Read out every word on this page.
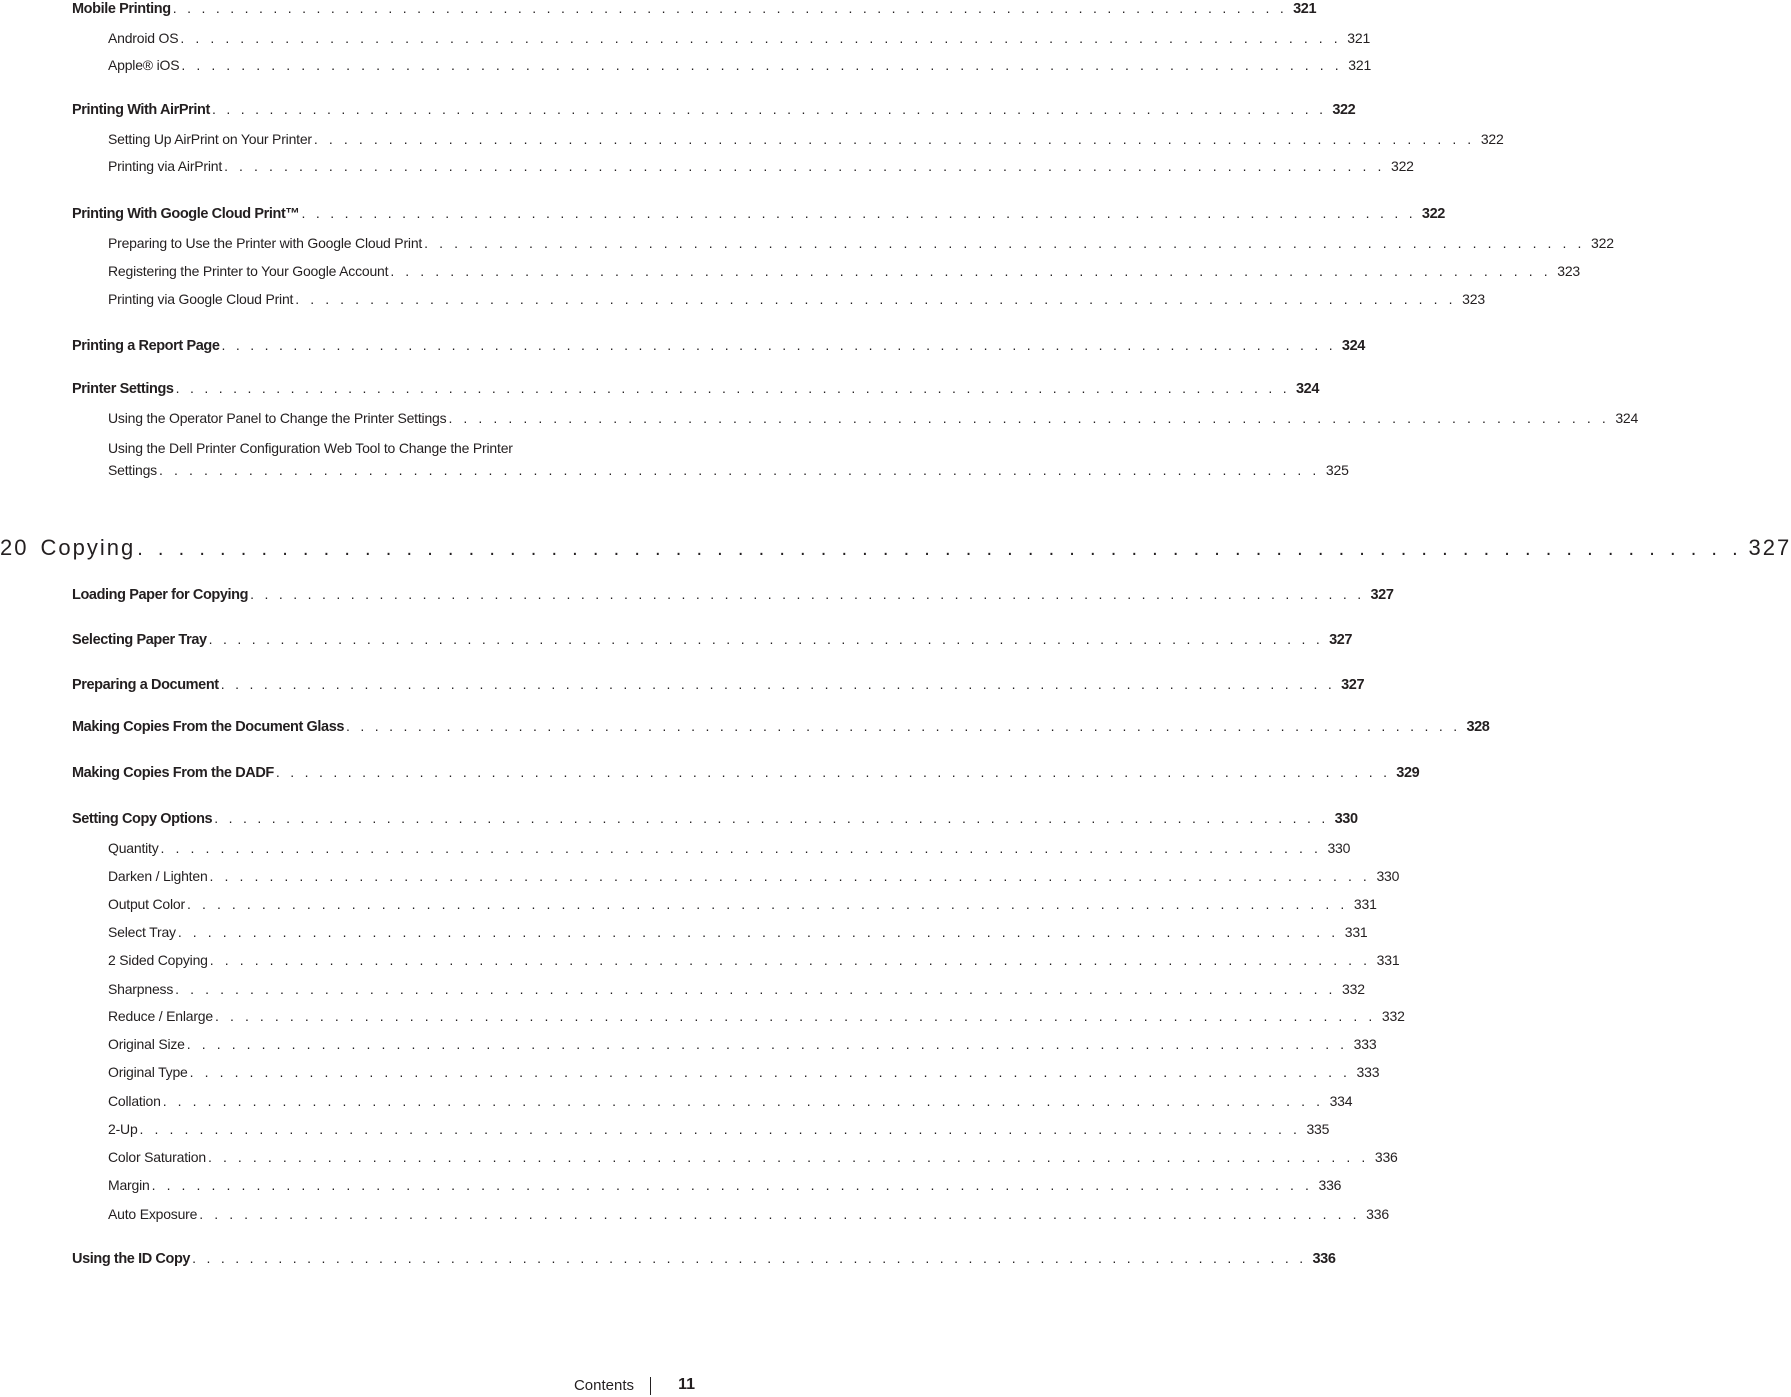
Mobile Printing . . . . . . . . . . . . . . . . . . . . . . . . . . . . . . . . . . . . . . . . . . . . . . . . . . . . . . . . . . . . . . . . . . . . . . . . . . . . . . 321
Android OS . . . . . . . . . . . . . . . . . . . . . . . . . . . . . . . . . . . . . . . . . . . . . . . . . . . . . . . . . . . . . . . . . . . . . . . . . . . . . . 321
Apple® iOS . . . . . . . . . . . . . . . . . . . . . . . . . . . . . . . . . . . . . . . . . . . . . . . . . . . . . . . . . . . . . . . . . . . . . . . . . . . . . . 321
Printing With AirPrint . . . . . . . . . . . . . . . . . . . . . . . . . . . . . . . . . . . . . . . . . . . . . . . . . . . . . . . . . . . . . . . . . . . . . . . . . . . . . . 322
Setting Up AirPrint on Your Printer . . . . . . . . . . . . . . . . . . . . . . . . . . . . . . . . . . . . . . . . . . . . . . . . . . . . . . . . . . . . . . . . . . . . . . . . . . . . . . 322
Printing via AirPrint . . . . . . . . . . . . . . . . . . . . . . . . . . . . . . . . . . . . . . . . . . . . . . . . . . . . . . . . . . . . . . . . . . . . . . . . . . . . . . 322
Printing With Google Cloud Print™ . . . . . . . . . . . . . . . . . . . . . . . . . . . . . . . . . . . . . . . . . . . . . . . . . . . . . . . . . . . . . . . . . . . . . . . . . . . . . . 322
Preparing to Use the Printer with Google Cloud Print . . . . . . . . . . . . . . . . . . . . . . . . . . . . . . . . . . . . . . . . . . . . . . . . . . . . . . . . . . . . . . . . . . . . . . . . . . . . . . 322
Registering the Printer to Your Google Account . . . . . . . . . . . . . . . . . . . . . . . . . . . . . . . . . . . . . . . . . . . . . . . . . . . . . . . . . . . . . . . . . . . . . . . . . . . . . . 323
Printing via Google Cloud Print . . . . . . . . . . . . . . . . . . . . . . . . . . . . . . . . . . . . . . . . . . . . . . . . . . . . . . . . . . . . . . . . . . . . . . . . . . . . . . 323
Printing a Report Page . . . . . . . . . . . . . . . . . . . . . . . . . . . . . . . . . . . . . . . . . . . . . . . . . . . . . . . . . . . . . . . . . . . . . . . . . . . . . . 324
Printer Settings . . . . . . . . . . . . . . . . . . . . . . . . . . . . . . . . . . . . . . . . . . . . . . . . . . . . . . . . . . . . . . . . . . . . . . . . . . . . . . 324
Using the Operator Panel to Change the Printer Settings . . . . . . . . . . . . . . . . . . . . . . . . . . . . . . . . . . . . . . . . . . . . . . . . . . . . . . . . . . . . . . . . . . . . . . . . . . . . . . 324
Using the Dell Printer Configuration Web Tool to Change the Printer
Settings . . . . . . . . . . . . . . . . . . . . . . . . . . . . . . . . . . . . . . . . . . . . . . . . . . . . . . . . . . . . . . . . . . . . . . . . . . . . . . 325
20 Copying . . . . . . . . . . . . . . . . . . . . . . . . . . . . . . . . . . . . . . . . . . . . . . . . . . . . . . . . . . . . . . . . . . . . . . . . . . . . . . 327
Loading Paper for Copying . . . . . . . . . . . . . . . . . . . . . . . . . . . . . . . . . . . . . . . . . . . . . . . . . . . . . . . . . . . . . . . . . . . . . . . . . . . . . . 327
Selecting Paper Tray . . . . . . . . . . . . . . . . . . . . . . . . . . . . . . . . . . . . . . . . . . . . . . . . . . . . . . . . . . . . . . . . . . . . . . . . . . . . . . 327
Preparing a Document . . . . . . . . . . . . . . . . . . . . . . . . . . . . . . . . . . . . . . . . . . . . . . . . . . . . . . . . . . . . . . . . . . . . . . . . . . . . . . 327
Making Copies From the Document Glass . . . . . . . . . . . . . . . . . . . . . . . . . . . . . . . . . . . . . . . . . . . . . . . . . . . . . . . . . . . . . . . . . . . . . . . . . . . . . . 328
Making Copies From the DADF . . . . . . . . . . . . . . . . . . . . . . . . . . . . . . . . . . . . . . . . . . . . . . . . . . . . . . . . . . . . . . . . . . . . . . . . . . . . . . 329
Setting Copy Options . . . . . . . . . . . . . . . . . . . . . . . . . . . . . . . . . . . . . . . . . . . . . . . . . . . . . . . . . . . . . . . . . . . . . . . . . . . . . . 330
Quantity . . . . . . . . . . . . . . . . . . . . . . . . . . . . . . . . . . . . . . . . . . . . . . . . . . . . . . . . . . . . . . . . . . . . . . . . . . . . . . 330
Darken / Lighten . . . . . . . . . . . . . . . . . . . . . . . . . . . . . . . . . . . . . . . . . . . . . . . . . . . . . . . . . . . . . . . . . . . . . . . . . . . . . . 330
Output Color . . . . . . . . . . . . . . . . . . . . . . . . . . . . . . . . . . . . . . . . . . . . . . . . . . . . . . . . . . . . . . . . . . . . . . . . . . . . . . 331
Select Tray . . . . . . . . . . . . . . . . . . . . . . . . . . . . . . . . . . . . . . . . . . . . . . . . . . . . . . . . . . . . . . . . . . . . . . . . . . . . . . 331
2 Sided Copying . . . . . . . . . . . . . . . . . . . . . . . . . . . . . . . . . . . . . . . . . . . . . . . . . . . . . . . . . . . . . . . . . . . . . . . . . . . . . . 331
Sharpness . . . . . . . . . . . . . . . . . . . . . . . . . . . . . . . . . . . . . . . . . . . . . . . . . . . . . . . . . . . . . . . . . . . . . . . . . . . . . . 332
Reduce / Enlarge . . . . . . . . . . . . . . . . . . . . . . . . . . . . . . . . . . . . . . . . . . . . . . . . . . . . . . . . . . . . . . . . . . . . . . . . . . . . . . 332
Original Size . . . . . . . . . . . . . . . . . . . . . . . . . . . . . . . . . . . . . . . . . . . . . . . . . . . . . . . . . . . . . . . . . . . . . . . . . . . . . . 333
Original Type . . . . . . . . . . . . . . . . . . . . . . . . . . . . . . . . . . . . . . . . . . . . . . . . . . . . . . . . . . . . . . . . . . . . . . . . . . . . . . 333
Collation . . . . . . . . . . . . . . . . . . . . . . . . . . . . . . . . . . . . . . . . . . . . . . . . . . . . . . . . . . . . . . . . . . . . . . . . . . . . . . 334
2-Up . . . . . . . . . . . . . . . . . . . . . . . . . . . . . . . . . . . . . . . . . . . . . . . . . . . . . . . . . . . . . . . . . . . . . . . . . . . . . . 335
Color Saturation . . . . . . . . . . . . . . . . . . . . . . . . . . . . . . . . . . . . . . . . . . . . . . . . . . . . . . . . . . . . . . . . . . . . . . . . . . . . . . 336
Margin . . . . . . . . . . . . . . . . . . . . . . . . . . . . . . . . . . . . . . . . . . . . . . . . . . . . . . . . . . . . . . . . . . . . . . . . . . . . . . 336
Auto Exposure . . . . . . . . . . . . . . . . . . . . . . . . . . . . . . . . . . . . . . . . . . . . . . . . . . . . . . . . . . . . . . . . . . . . . . . . . . . . . . 336
Using the ID Copy . . . . . . . . . . . . . . . . . . . . . . . . . . . . . . . . . . . . . . . . . . . . . . . . . . . . . . . . . . . . . . . . . . . . . . . . . . . . . . 336
Contents	11
